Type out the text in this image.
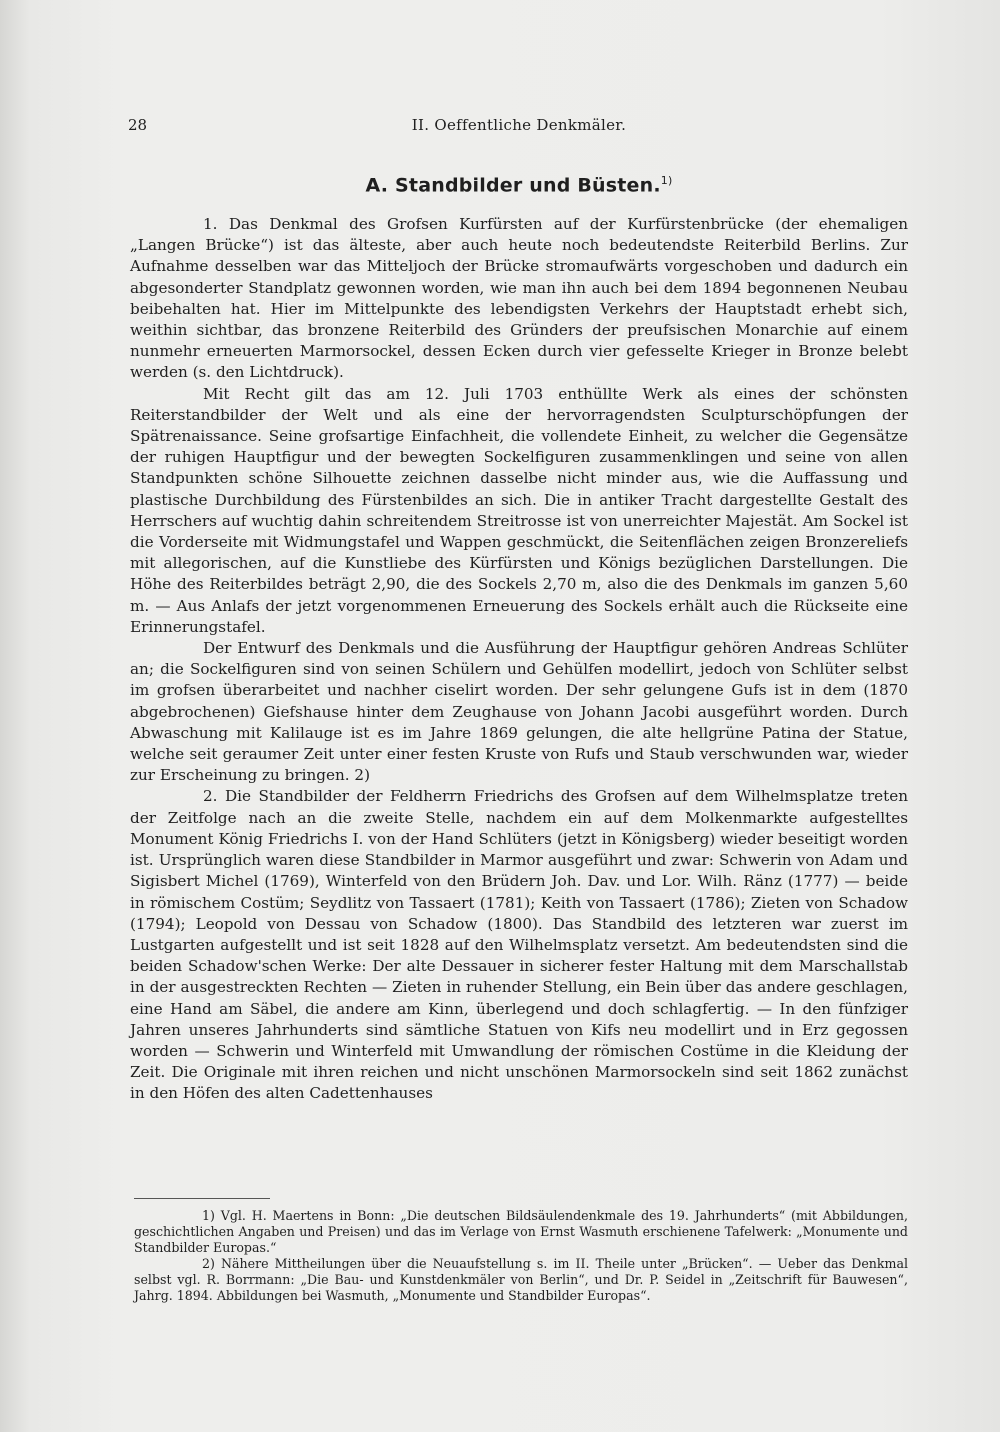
28	II. Oeffentliche Denkmäler.
A. Standbilder und Büsten.$^{1)}$

1. Das Denkmal des Grofsen Kurfürsten auf der Kurfürstenbrücke (der ehemaligen „Langen Brücke“) ist das älteste, aber auch heute noch bedeutendste Reiterbild Berlins. Zur Aufnahme desselben war das Mitteljoch der Brücke stromaufwärts vorgeschoben und dadurch ein abgesonderter Standplatz gewonnen worden, wie man ihn auch bei dem 1894 begonnenen Neubau beibehalten hat. Hier im Mittelpunkte des lebendigsten Verkehrs der Hauptstadt erhebt sich, weithin sichtbar, das bronzene Reiterbild des Gründers der preufsischen Monarchie auf einem nunmehr erneuerten Marmorsockel, dessen Ecken durch vier gefesselte Krieger in Bronze belebt werden (s. den Lichtdruck).

Mit Recht gilt das am 12. Juli 1703 enthüllte Werk als eines der schönsten Reiterstandbilder der Welt und als eine der hervorragendsten Sculpturschöpfungen der Spätrenaissance. Seine grofsartige Einfachheit, die vollendete Einheit, zu welcher die Gegensätze der ruhigen Hauptfigur und der bewegten Sockelfiguren zusammenklingen und seine von allen Standpunkten schöne Silhouette zeichnen dasselbe nicht minder aus, wie die Auffassung und plastische Durchbildung des Fürstenbildes an sich. Die in antiker Tracht dargestellte Gestalt des Herrschers auf wuchtig dahin schreitendem Streitrosse ist von unerreichter Majestät. Am Sockel ist die Vorderseite mit Widmungstafel und Wappen geschmückt, die Seitenflächen zeigen Bronzereliefs mit allegorischen, auf die Kunstliebe des Kürfürsten und Königs bezüglichen Darstellungen. Die Höhe des Reiterbildes beträgt 2,90, die des Sockels 2,70 m, also die des Denkmals im ganzen 5,60 m. — Aus Anlafs der jetzt vorgenommenen Erneuerung des Sockels erhält auch die Rückseite eine Erinnerungstafel.

Der Entwurf des Denkmals und die Ausführung der Hauptfigur gehören Andreas Schlüter an; die Sockelfiguren sind von seinen Schülern und Gehülfen modellirt, jedoch von Schlüter selbst im grofsen überarbeitet und nachher ciselirt worden. Der sehr gelungene Gufs ist in dem (1870 abgebrochenen) Giefshause hinter dem Zeughause von Johann Jacobi ausgeführt worden. Durch Abwaschung mit Kalilauge ist es im Jahre 1869 gelungen, die alte hellgrüne Patina der Statue, welche seit geraumer Zeit unter einer festen Kruste von Rufs und Staub verschwunden war, wieder zur Erscheinung zu bringen. 2)

2. Die Standbilder der Feldherrn Friedrichs des Grofsen auf dem Wilhelmsplatze treten der Zeitfolge nach an die zweite Stelle, nachdem ein auf dem Molkenmarkte aufgestelltes Monument König Friedrichs I. von der Hand Schlüters (jetzt in Königsberg) wieder beseitigt worden ist. Ursprünglich waren diese Standbilder in Marmor ausgeführt und zwar: Schwerin von Adam und Sigisbert Michel (1769), Winterfeld von den Brüdern Joh. Dav. und Lor. Wilh. Ränz (1777) — beide in römischem Costüm; Seydlitz von Tassaert (1781); Keith von Tassaert (1786); Zieten von Schadow (1794); Leopold von Dessau von Schadow (1800). Das Standbild des letzteren war zuerst im Lustgarten aufgestellt und ist seit 1828 auf den Wilhelmsplatz versetzt. Am bedeutendsten sind die beiden Schadow'schen Werke: Der alte Dessauer in sicherer fester Haltung mit dem Marschallstab in der ausgestreckten Rechten — Zieten in ruhender Stellung, ein Bein über das andere geschlagen, eine Hand am Säbel, die andere am Kinn, überlegend und doch schlagfertig. — In den fünfziger Jahren unseres Jahrhunderts sind sämtliche Statuen von Kifs neu modellirt und in Erz gegossen worden — Schwerin und Winterfeld mit Umwandlung der römischen Costüme in die Kleidung der Zeit. Die Originale mit ihren reichen und nicht unschönen Marmorsockeln sind seit 1862 zunächst in den Höfen des alten Cadettenhauses

1) Vgl. H. Maertens in Bonn: „Die deutschen Bildsäulendenkmale des 19. Jahrhunderts“ (mit Abbildungen, geschichtlichen Angaben und Preisen) und das im Verlage von Ernst Wasmuth erschienene Tafelwerk: „Monumente und Standbilder Europas.“

2) Nähere Mittheilungen über die Neuaufstellung s. im II. Theile unter „Brücken“. — Ueber das Denkmal selbst vgl. R. Borrmann: „Die Bau- und Kunstdenkmäler von Berlin“, und Dr. P. Seidel in „Zeitschrift für Bauwesen“, Jahrg. 1894. Abbildungen bei Wasmuth, „Monumente und Standbilder Europas“.
